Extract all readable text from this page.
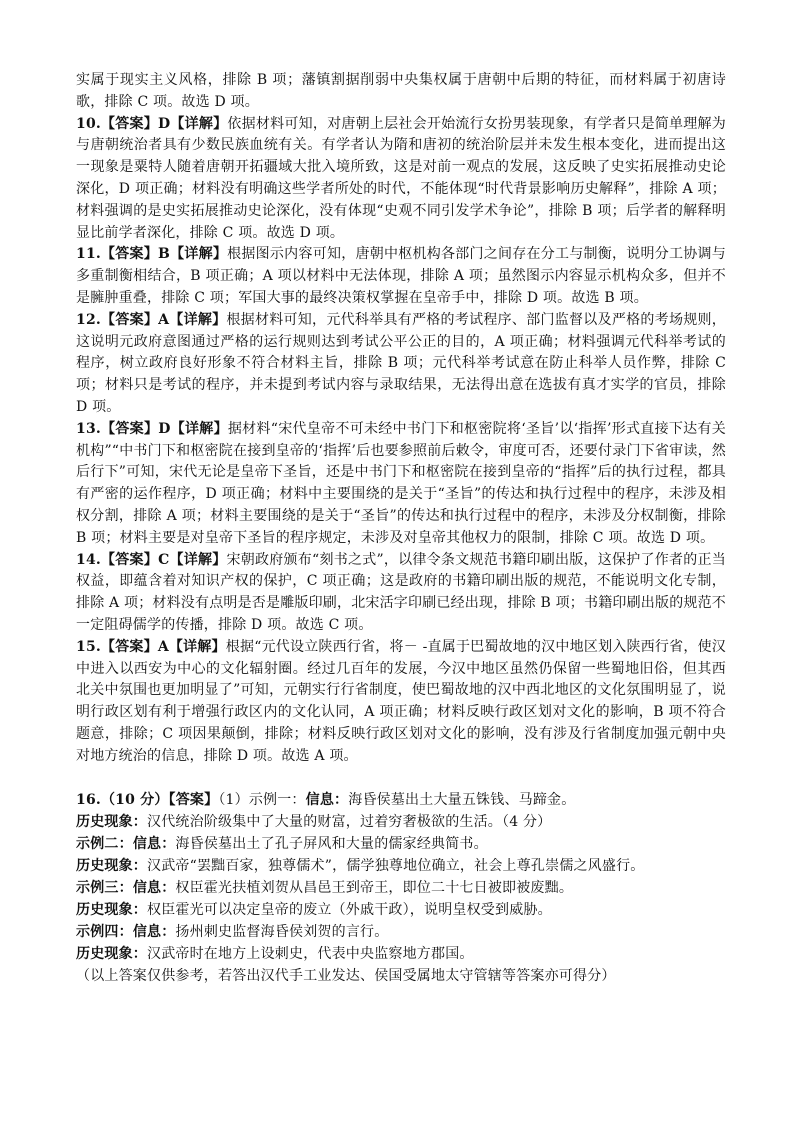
实属于现实主义风格，排除 B 项；藩镇割据削弱中央集权属于唐朝中后期的特征，而材料属于初唐诗歌，排除 C 项。故选 D 项。

10.【答案】D【详解】依据材料可知，对唐朝上层社会开始流行女扮男装现象，有学者只是简单理解为与唐朝统治者具有少数民族血统有关。有学者认为隋和唐初的统治阶层并未发生根本变化，进而提出这一现象是粟特人随着唐朝开拓疆域大批入境所致，这是对前一观点的发展，这反映了史实拓展推动史论深化，D 项正确；材料没有明确这些学者所处的时代，不能体现“时代背景影响历史解释”，排除 A 项；材料强调的是史实拓展推动史论深化，没有体现“史观不同引发学术争论”，排除 B 项；后学者的解释明显比前学者深化，排除 C 项。故选 D 项。

11.【答案】B【详解】根据图示内容可知，唐朝中枢机构各部门之间存在分工与制衡，说明分工协调与多重制衡相结合，B 项正确；A 项以材料中无法体现，排除 A 项；虽然图示内容显示机构众多，但并不是臃肿重叠，排除 C 项；军国大事的最终决策权掌握在皇帝手中，排除 D 项。故选 B 项。

12.【答案】A【详解】根据材料可知，元代科举具有严格的考试程序、部门监督以及严格的考场规则，这说明元政府意图通过严格的运行规则达到考试公平公正的目的，A 项正确；材料强调元代科举考试的程序，树立政府良好形象不符合材料主旨，排除 B 项；元代科举考试意在防止科举人员作弊，排除 C 项；材料只是考试的程序，并未提到考试内容与录取结果，无法得出意在选拔有真才实学的官员，排除 D 项。

13.【答案】D【详解】据材料“宋代皇帝不可未经中书门下和枢密院将‘圣旨’以‘指挥’形式直接下达有关机构”“中书门下和枢密院在接到皇帝的‘指挥’后也要参照前后敕令，审度可否，还要付录门下省审读，然后行下”可知，宋代无论是皇帝下圣旨，还是中书门下和枢密院在接到皇帝的“指挥”后的执行过程，都具有严密的运作程序，D 项正确；材料中主要围绕的是关于“圣旨”的传达和执行过程中的程序，未涉及相权分割，排除 A 项；材料主要围绕的是关于“圣旨”的传达和执行过程中的程序，未涉及分权制衡，排除 B 项；材料主要是对皇帝下圣旨的程序规定，未涉及对皇帝其他权力的限制，排除 C 项。故选 D 项。

14.【答案】C【详解】宋朝政府颁布“刻书之式”，以律令条文规范书籍印刷出版，这保护了作者的正当权益，即蕴含着对知识产权的保护，C 项正确；这是政府的书籍印刷出版的规范，不能说明文化专制，排除 A 项；材料没有点明是否是雕版印刷，北宋活字印刷已经出现，排除 B 项；书籍印刷出版的规范不一定阻碍儒学的传播，排除 D 项。故选 C 项。

15.【答案】A【详解】根据“元代设立陕西行省，将－ -直属于巴蜀故地的汉中地区划入陕西行省，使汉中进入以西安为中心的文化辐射圈。经过几百年的发展，今汉中地区虽然仍保留一些蜀地旧俗，但其西北关中氛围也更加明显了”可知，元朝实行行省制度，使巴蜀故地的汉中西北地区的文化氛围明显了，说明行政区划有利于增强行政区内的文化认同，A 项正确；材料反映行政区划对文化的影响，B 项不符合题意，排除；C 项因果颠倒，排除；材料反映行政区划对文化的影响，没有涉及行省制度加强元朝中央对地方统治的信息，排除 D 项。故选 A 项。

16.（10 分）【答案】（1）示例一：信息：海昏侯墓出土大量五铢钱、马蹄金。

历史现象：汉代统治阶级集中了大量的财富，过着穷奢极欲的生活。（4 分）

示例二：信息：海昏侯墓出土了孔子屏风和大量的儒家经典简书。

历史现象：汉武帝“罢黜百家，独尊儒术”，儒学独尊地位确立，社会上尊孔崇儒之风盛行。

示例三：信息：权臣霍光扶植刘贺从昌邑王到帝王，即位二十七日被即被废黜。

历史现象：权臣霍光可以决定皇帝的废立（外戚干政），说明皇权受到威胁。

示例四：信息：扬州刺史监督海昏侯刘贺的言行。

历史现象：汉武帝时在地方上设刺史，代表中央监察地方郡国。

（以上答案仅供参考，若答出汉代手工业发达、侯国受属地太守管辖等答案亦可得分）
